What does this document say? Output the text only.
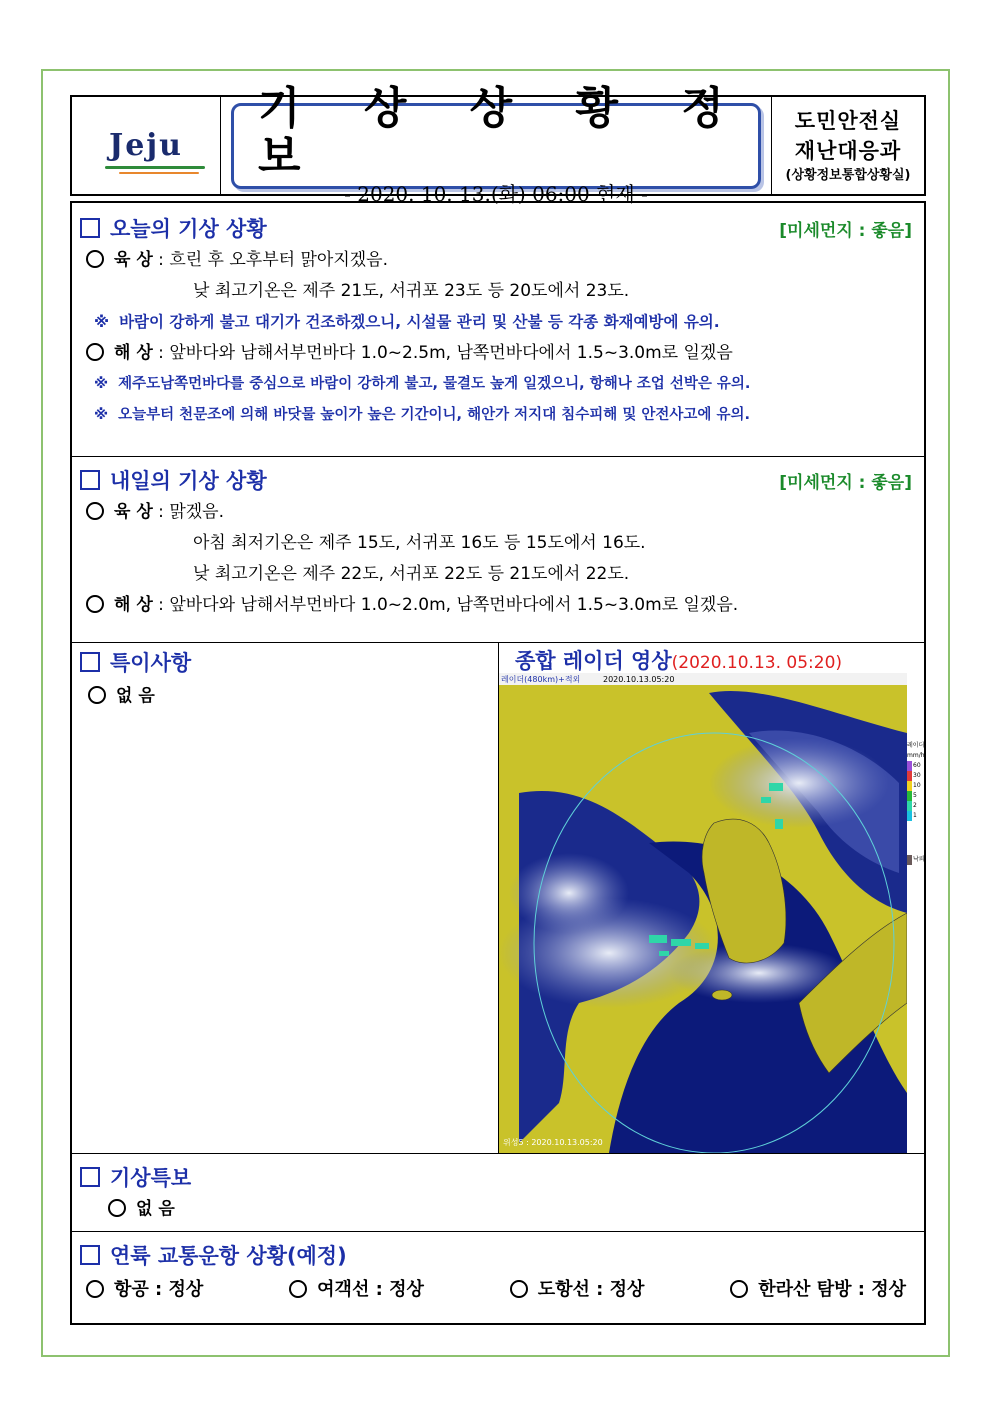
Jeju
기 상 상 황 정 보
- 2020. 10. 13.(화) 06:00 현재 -
도민안전실
재난대응과
(상황정보통합상황실)
오늘의 기상 상황	[미세먼지 : 좋음]
육 상 : 흐린 후 오후부터 맑아지겠음.
낮 최고기온은 제주 21도, 서귀포 23도 등 20도에서 23도.
※ 바람이 강하게 불고 대기가 건조하겠으니, 시설물 관리 및 산불 등 각종 화재예방에 유의.
해 상 : 앞바다와 남해서부먼바다 1.0~2.5m, 남쪽먼바다에서 1.5~3.0m로 일겠음
※ 제주도남쪽먼바다를 중심으로 바람이 강하게 불고, 물결도 높게 일겠으니, 항해나 조업 선박은 유의.
※ 오늘부터 천문조에 의해 바닷물 높이가 높은 기간이니, 해안가 저지대 침수피해 및 안전사고에 유의.
내일의 기상 상황	[미세먼지 : 좋음]
육 상 : 맑겠음.
아침 최저기온은 제주 15도, 서귀포 16도 등 15도에서 16도.
낮 최고기온은 제주 22도, 서귀포 22도 등 21도에서 22도.
해 상 : 앞바다와 남해서부먼바다 1.0~2.0m, 남쪽먼바다에서 1.5~3.0m로 일겠음.
특이사항
없 음
종합 레이더 영상 (2020.10.13. 05:20)
레이더(480km)+적외	2020.10.13.05:20
위성5 : 2020.10.13.05:20
레이더
mm/h
60
30
10
5
2
1
낙뢰
기상특보
없 음
연륙 교통운항 상황(예정)
항공 : 정상	여객선 : 정상	도항선 : 정상	한라산 탐방 : 정상
